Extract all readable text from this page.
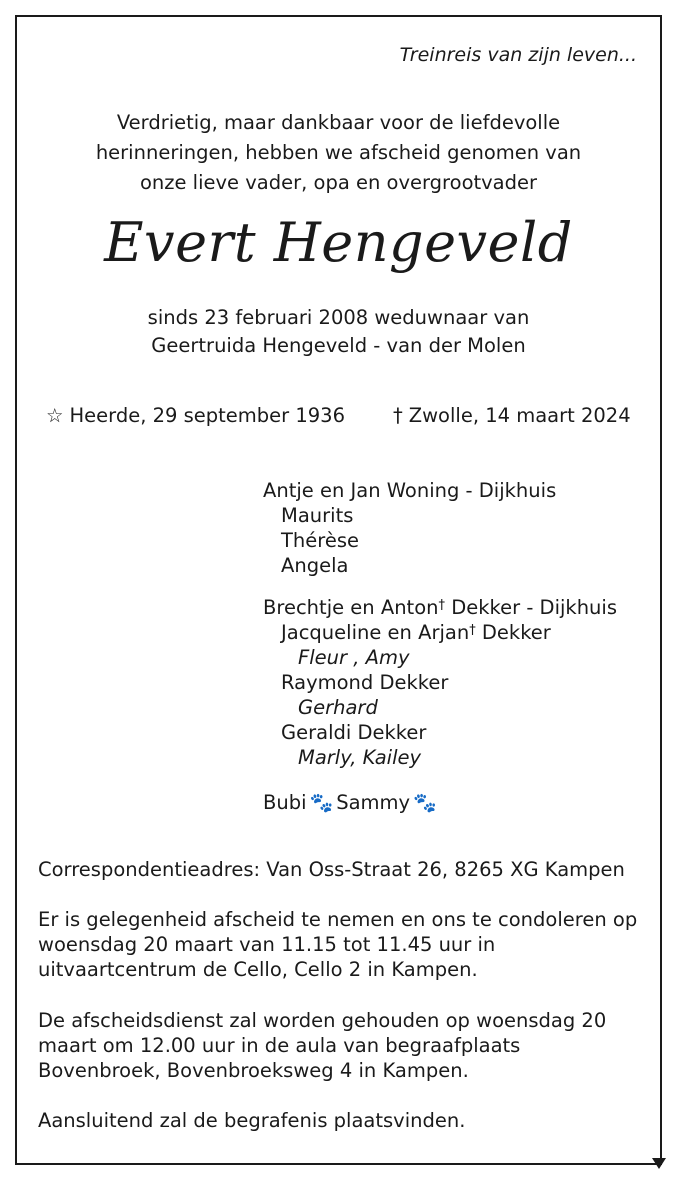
Treinreis van zijn leven...
Verdrietig, maar dankbaar voor de liefdevolle
herinneringen, hebben we afscheid genomen van
onze lieve vader, opa en overgrootvader
Evert Hengeveld
sinds 23 februari 2008 weduwnaar van
Geertruida Hengeveld - van der Molen
☆ Heerde, 29 september 1936 † Zwolle, 14 maart 2024
Antje en Jan Woning - Dijkhuis
Maurits
Thérèse
Angela
Brechtje en Anton† Dekker - Dijkhuis
Jacqueline en Arjan† Dekker
Fleur , Amy
Raymond Dekker
Gerhard
Geraldi Dekker
Marly, Kailey
Bubi 🐾 Sammy 🐾
Correspondentieadres: Van Oss-Straat 26, 8265 XG Kampen
Er is gelegenheid afscheid te nemen en ons te condoleren op woensdag 20 maart van 11.15 tot 11.45 uur in uitvaartcentrum de Cello, Cello 2 in Kampen.
De afscheidsdienst zal worden gehouden op woensdag 20 maart om 12.00 uur in de aula van begraafplaats Bovenbroek, Bovenbroeksweg 4 in Kampen.
Aansluitend zal de begrafenis plaatsvinden.
